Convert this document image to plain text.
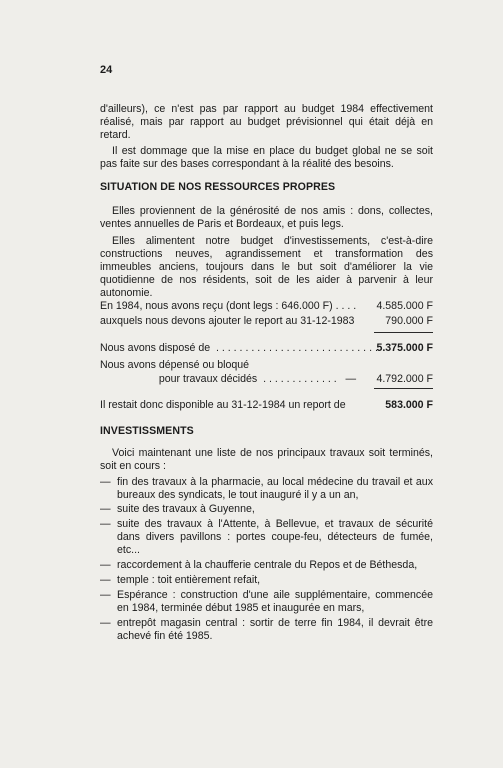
24

d'ailleurs), ce n'est pas par rapport au budget 1984 effectivement réalisé, mais par rapport au budget prévisionnel qui était déjà en retard.

Il est dommage que la mise en place du budget global ne se soit pas faite sur des bases correspondant à la réalité des besoins.

SITUATION DE NOS RESSOURCES PROPRES

Elles proviennent de la générosité de nos amis : dons, collectes, ventes annuelles de Paris et Bordeaux, et puis legs.

Elles alimentent notre budget d'investissements, c'est-à-dire constructions neuves, agrandissement et transformation des immeubles anciens, toujours dans le but soit d'améliorer la vie quotidienne de nos résidents, soit de les aider à parvenir à leur autonomie.

En 1984, nous avons reçu (dont legs : 646.000 F) . . . . 4.585.000 F
auxquels nous devons ajouter le report au 31-12-1983	790.000 F
Nous avons disposé de  . . . . . . . . . . . . . . . . . . . . . . . . . . . .
5.375.000 F
Nous avons dépensé ou bloqué
pour travaux décidés  . . . . . . . . . . . . .   — 4.792.000 F
Il restait donc disponible au 31-12-1984 un report de	583.000 F
INVESTISSMENTS

Voici maintenant une liste de nos principaux travaux soit terminés, soit en cours :

— fin des travaux à la pharmacie, au local médecine du travail et aux bureaux des syndicats, le tout inauguré il y a un an,
— suite des travaux à Guyenne,
— suite des travaux à l'Attente, à Bellevue, et travaux de sécurité dans divers pavillons : portes coupe-feu, détecteurs de fumée, etc...
— raccordement à la chaufferie centrale du Repos et de Béthesda,
— temple : toit entièrement refait,
— Espérance : construction d'une aile supplémentaire, commencée en 1984, terminée début 1985 et inaugurée en mars,
— entrepôt magasin central : sortir de terre fin 1984, il devrait être achevé fin été 1985.
